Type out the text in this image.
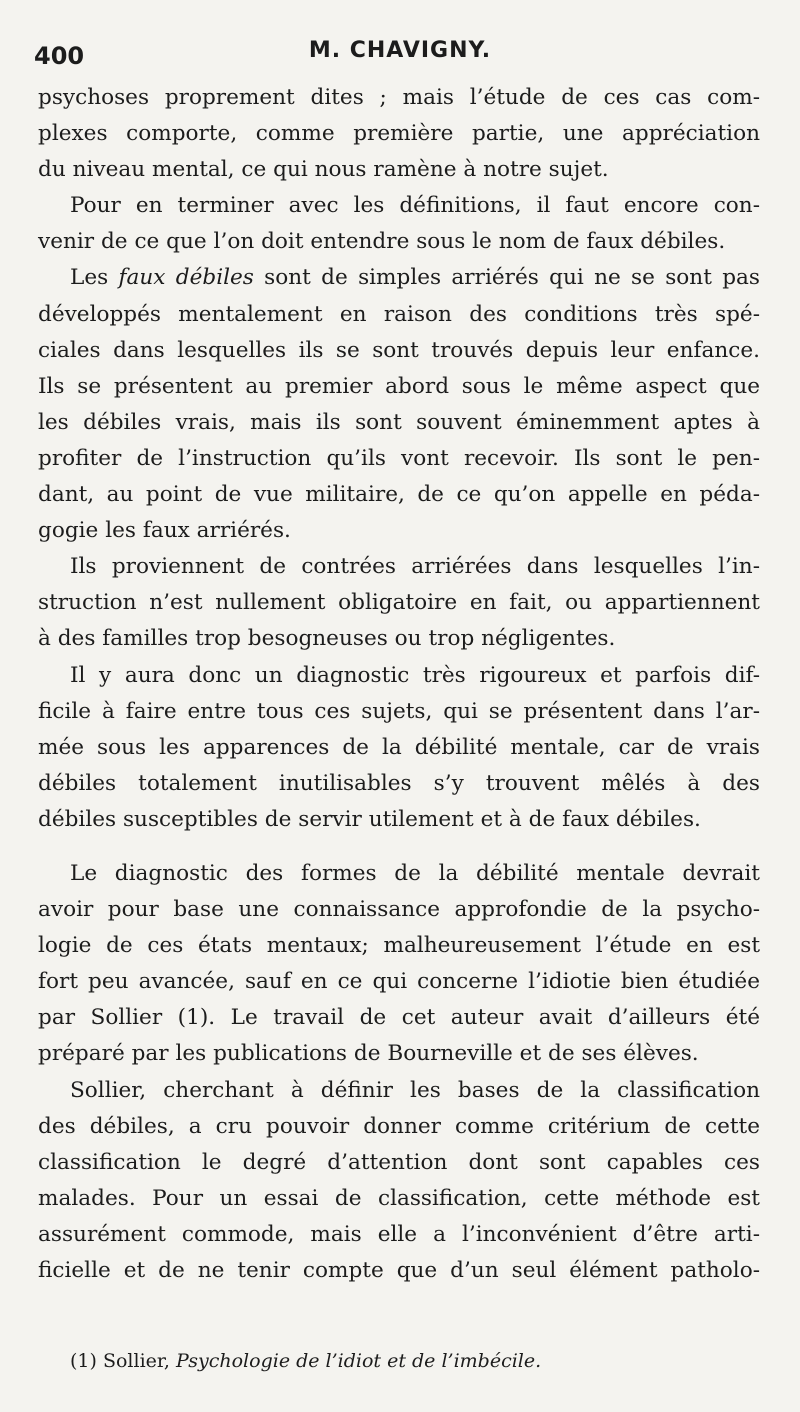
400	M. CHAVIGNY.
psychoses proprement dites ; mais l’étude de ces cas com-
plexes comporte, comme première partie, une appréciation
du niveau mental, ce qui nous ramène à notre sujet.
Pour en terminer avec les définitions, il faut encore con-
venir de ce que l’on doit entendre sous le nom de faux débiles.
Les faux débiles sont de simples arriérés qui ne se sont pas
développés mentalement en raison des conditions très spé-
ciales dans lesquelles ils se sont trouvés depuis leur enfance.
Ils se présentent au premier abord sous le même aspect que
les débiles vrais, mais ils sont souvent éminemment aptes à
profiter de l’instruction qu’ils vont recevoir. Ils sont le pen-
dant, au point de vue militaire, de ce qu’on appelle en péda-
gogie les faux arriérés.
Ils proviennent de contrées arriérées dans lesquelles l’in-
struction n’est nullement obligatoire en fait, ou appartiennent
à des familles trop besogneuses ou trop négligentes.
Il y aura donc un diagnostic très rigoureux et parfois dif-
ficile à faire entre tous ces sujets, qui se présentent dans l’ar-
mée sous les apparences de la débilité mentale, car de vrais
débiles totalement inutilisables s’y trouvent mêlés à des
débiles susceptibles de servir utilement et à de faux débiles.
Le diagnostic des formes de la débilité mentale devrait
avoir pour base une connaissance approfondie de la psycho-
logie de ces états mentaux; malheureusement l’étude en est
fort peu avancée, sauf en ce qui concerne l’idiotie bien étudiée
par Sollier (1). Le travail de cet auteur avait d’ailleurs été
préparé par les publications de Bourneville et de ses élèves.
Sollier, cherchant à définir les bases de la classification
des débiles, a cru pouvoir donner comme critérium de cette
classification le degré d’attention dont sont capables ces
malades. Pour un essai de classification, cette méthode est
assurément commode, mais elle a l’inconvénient d’être arti-
ficielle et de ne tenir compte que d’un seul élément patholo-
(1) Sollier, Psychologie de l’idiot et de l’imbécile.
